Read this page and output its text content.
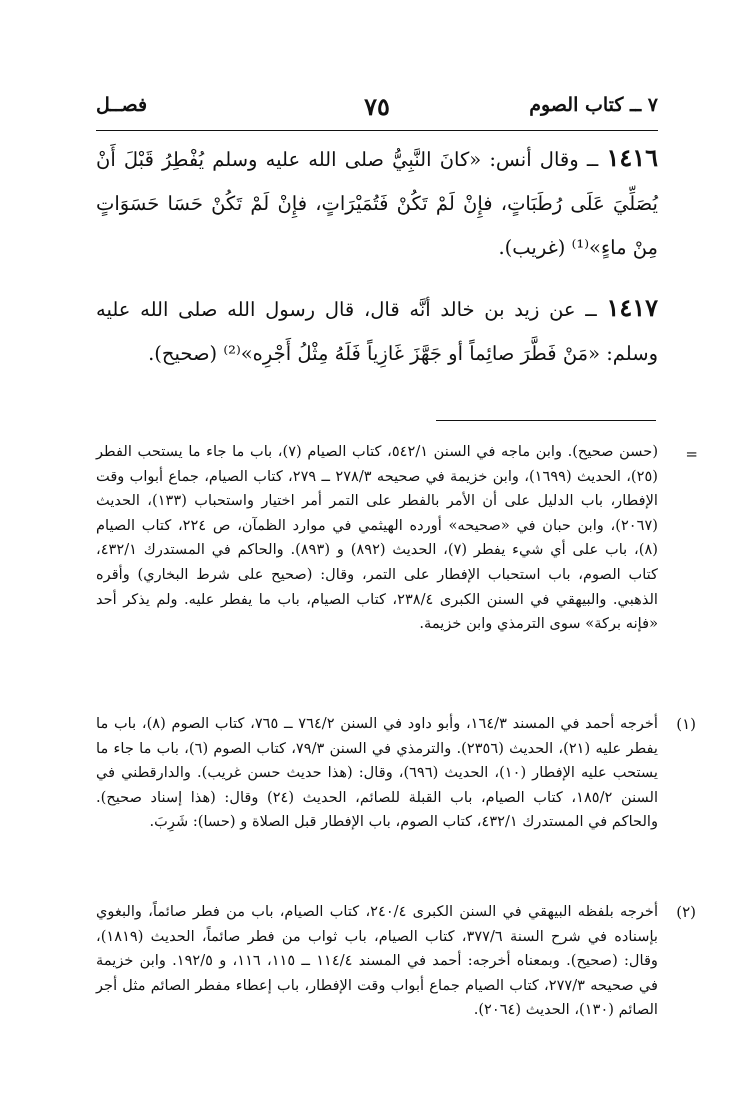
٧ ــ كتاب الصوم
٧٥
فصــل
١٤١٦ ــ وقال أنس: «كانَ النَّبِيُّ صلى الله عليه وسلم يُفْطِرُ قَبْلَ أَنْ يُصَلِّيَ عَلَى رُطَبَاتٍ، فإِنْ لَمْ تَكُنْ فَتُمَيْرَاتٍ، فإِنْ لَمْ تَكُنْ حَسَا حَسَوَاتٍ مِنْ ماءٍ»⁽¹⁾ (غريب).
١٤١٧ ــ عن زيد بن خالد أنَّه قال، قال رسول الله صلى الله عليه وسلم: «مَنْ فَطَّرَ صائِماً أو جَهَّزَ غَازِياً فَلَهُ مِثْلُ أَجْرِه»⁽²⁾ (صحيح).
=
(حسن صحيح). وابن ماجه في السنن ٥٤٢/١، كتاب الصيام (٧)، باب ما جاء ما يستحب الفطر (٢٥)، الحديث (١٦٩٩)، وابن خزيمة في صحيحه ٢٧٨/٣ ــ ٢٧٩، كتاب الصيام، جماع أبواب وقت الإفطار، باب الدليل على أن الأمر بالفطر على التمر أمر اختيار واستحباب (١٣٣)، الحديث (٢٠٦٧)، وابن حبان في «صحيحه» أورده الهيثمي في موارد الظمآن، ص ٢٢٤، كتاب الصيام (٨)، باب على أي شيء يفطر (٧)، الحديث (٨٩٢) و (٨٩٣). والحاكم في المستدرك ٤٣٢/١، كتاب الصوم، باب استحباب الإفطار على التمر، وقال: (صحيح على شرط البخاري) وأقره الذهبي. والبيهقي في السنن الكبرى ٢٣٨/٤، كتاب الصيام، باب ما يفطر عليه. ولم يذكر أحد «فإنه بركة» سوى الترمذي وابن خزيمة.
(١)
أخرجه أحمد في المسند ١٦٤/٣، وأبو داود في السنن ٧٦٤/٢ ــ ٧٦٥، كتاب الصوم (٨)، باب ما يفطر عليه (٢١)، الحديث (٢٣٥٦). والترمذي في السنن ٧٩/٣، كتاب الصوم (٦)، باب ما جاء ما يستحب عليه الإفطار (١٠)، الحديث (٦٩٦)، وقال: (هذا حديث حسن غريب). والدارقطني في السنن ١٨٥/٢، كتاب الصيام، باب القبلة للصائم، الحديث (٢٤) وقال: (هذا إسناد صحيح). والحاكم في المستدرك ٤٣٢/١، كتاب الصوم، باب الإفطار قبل الصلاة و (حسا): شَرِبَ.
(٢)
أخرجه بلفظه البيهقي في السنن الكبرى ٢٤٠/٤، كتاب الصيام، باب من فطر صائماً، والبغوي بإسناده في شرح السنة ٣٧٧/٦، كتاب الصيام، باب ثواب من فطر صائماً، الحديث (١٨١٩)، وقال: (صحيح). وبمعناه أخرجه: أحمد في المسند ١١٤/٤ ــ ١١٥، ١١٦، و ١٩٢/٥. وابن خزيمة في صحيحه ٢٧٧/٣، كتاب الصيام جماع أبواب وقت الإفطار، باب إعطاء مفطر الصائم مثل أجر الصائم (١٣٠)، الحديث (٢٠٦٤).
